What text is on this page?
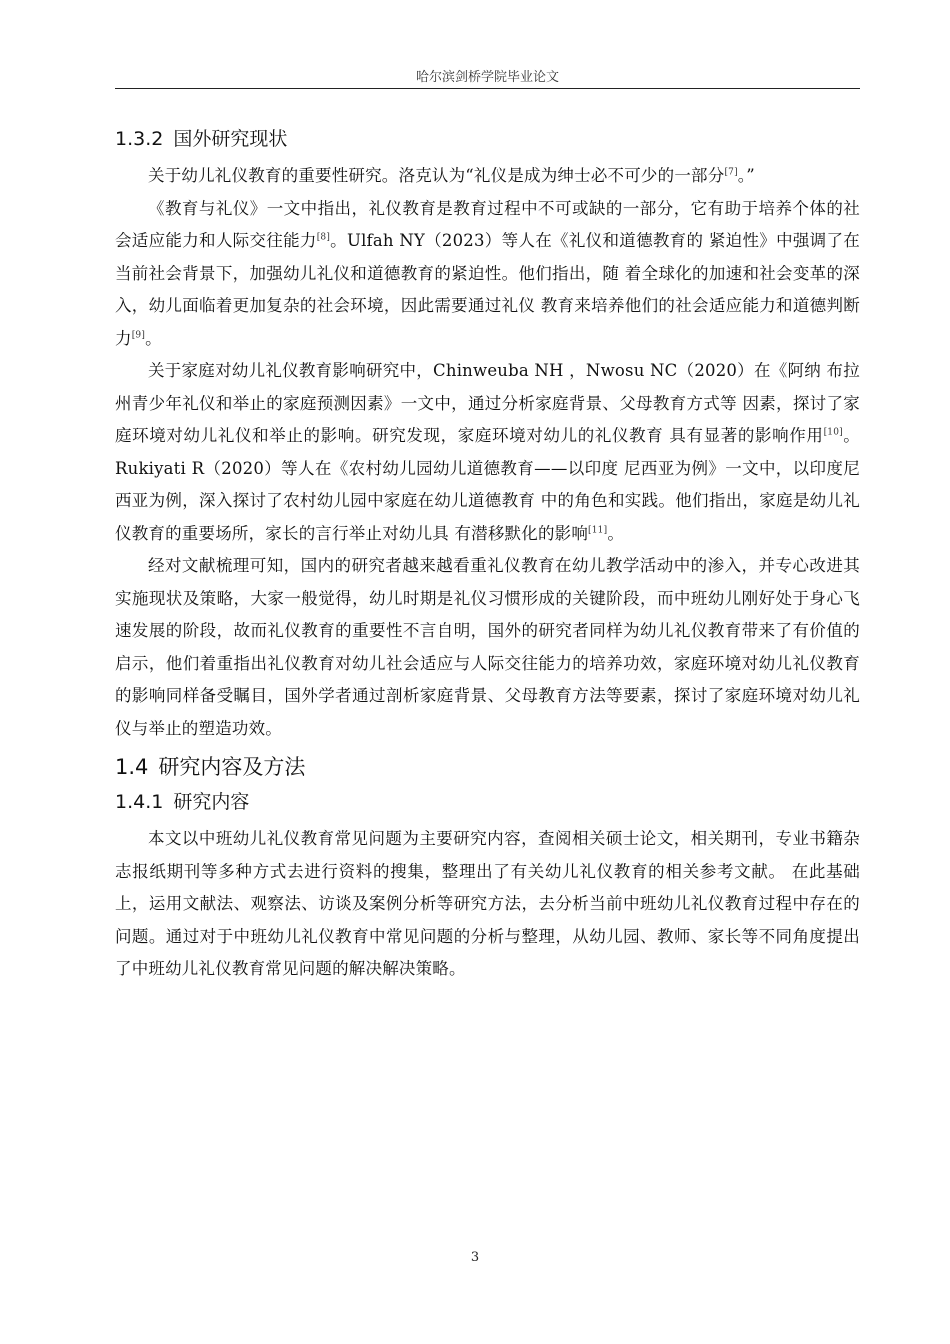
哈尔滨剑桥学院毕业论文
1.3.2 国外研究现状

关于幼儿礼仪教育的重要性研究。洛克认为“礼仪是成为绅士必不可少的一部分[7]。”

《教育与礼仪》一文中指出，礼仪教育是教育过程中不可或缺的一部分，它有助于培养个体的社会适应能力和人际交往能力[8]。Ulfah NY（2023）等人在《礼仪和道德教育的 紧迫性》中强调了在当前社会背景下，加强幼儿礼仪和道德教育的紧迫性。他们指出，随 着全球化的加速和社会变革的深入，幼儿面临着更加复杂的社会环境，因此需要通过礼仪 教育来培养他们的社会适应能力和道德判断力[9]。

关于家庭对幼儿礼仪教育影响研究中，Chinweuba NH ，Nwosu NC（2020）在《阿纳 布拉州青少年礼仪和举止的家庭预测因素》一文中，通过分析家庭背景、父母教育方式等 因素，探讨了家庭环境对幼儿礼仪和举止的影响。研究发现，家庭环境对幼儿的礼仪教育 具有显著的影响作用[10]。Rukiyati R（2020）等人在《农村幼儿园幼儿道德教育——以印度 尼西亚为例》一文中，以印度尼西亚为例，深入探讨了农村幼儿园中家庭在幼儿道德教育 中的角色和实践。他们指出，家庭是幼儿礼仪教育的重要场所，家长的言行举止对幼儿具 有潜移默化的影响[11]。

经对文献梳理可知，国内的研究者越来越看重礼仪教育在幼儿教学活动中的渗入，并专心改进其实施现状及策略，大家一般觉得，幼儿时期是礼仪习惯形成的关键阶段，而中班幼儿刚好处于身心飞速发展的阶段，故而礼仪教育的重要性不言自明，国外的研究者同样为幼儿礼仪教育带来了有价值的启示，他们着重指出礼仪教育对幼儿社会适应与人际交往能力的培养功效，家庭环境对幼儿礼仪教育的影响同样备受瞩目，国外学者通过剖析家庭背景、父母教育方法等要素，探讨了家庭环境对幼儿礼仪与举止的塑造功效。

1.4 研究内容及方法
1.4.1 研究内容

本文以中班幼儿礼仪教育常见问题为主要研究内容，查阅相关硕士论文，相关期刊，专业书籍杂志报纸期刊等多种方式去进行资料的搜集，整理出了有关幼儿礼仪教育的相关参考文献。 在此基础上，运用文献法、观察法、访谈及案例分析等研究方法，去分析当前中班幼儿礼仪教育过程中存在的问题。通过对于中班幼儿礼仪教育中常见问题的分析与整理，从幼儿园、教师、家长等不同角度提出了中班幼儿礼仪教育常见问题的解决解决策略。

3
